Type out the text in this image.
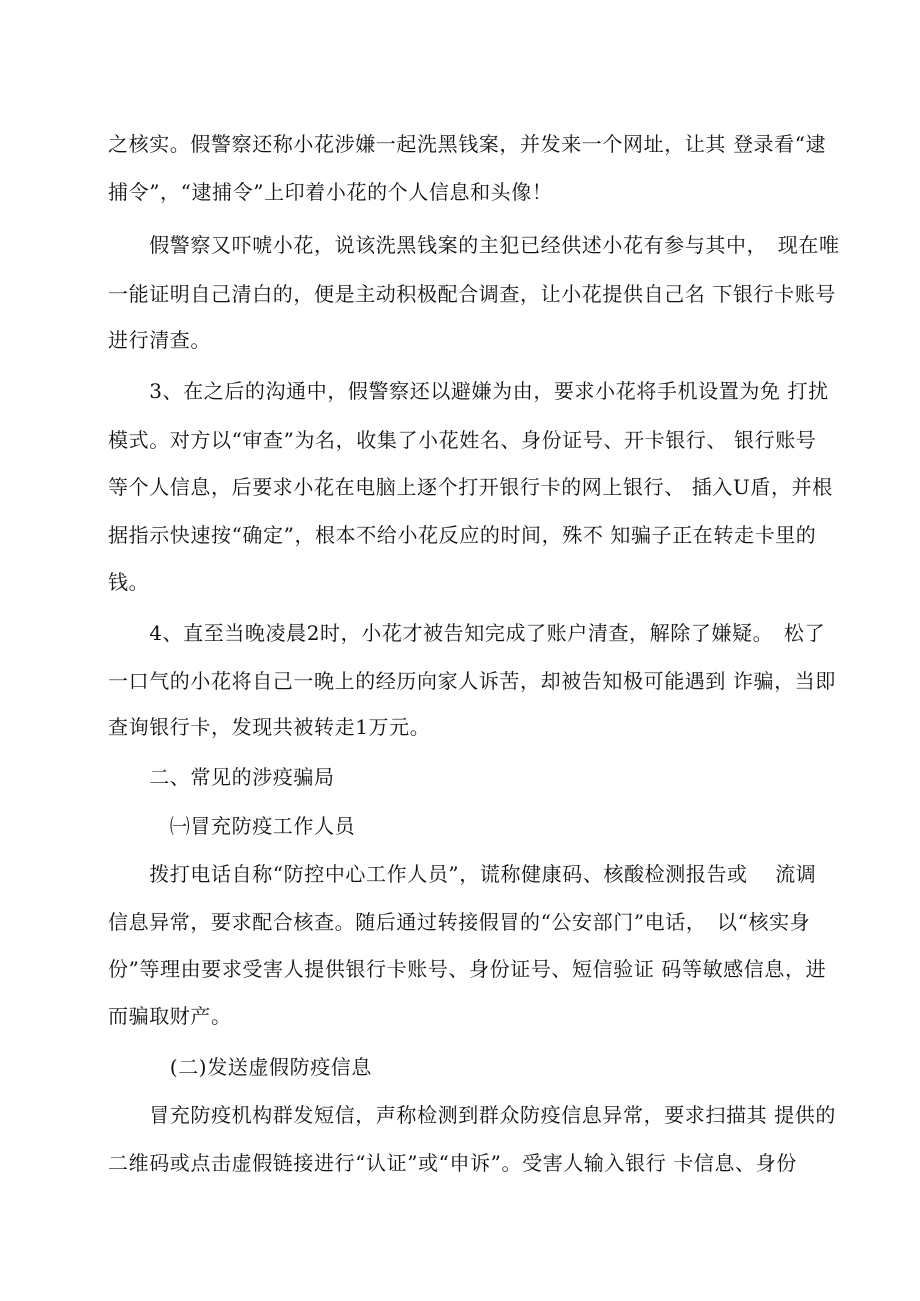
之核实。假警察还称小花涉嫌一起洗黑钱案，并发来一个网址，让其 登录看“逮

捕令”，“逮捕令”上印着小花的个人信息和头像！

　　假警察又吓唬小花，说该洗黑钱案的主犯已经供述小花有参与其中，　现在唯

一能证明自己清白的，便是主动积极配合调查，让小花提供自己名 下银行卡账号

进行清查。

　　3、在之后的沟通中，假警察还以避嫌为由，要求小花将手机设置为免 打扰

模式。对方以“审查”为名，收集了小花姓名、身份证号、开卡银行、 银行账号

等个人信息，后要求小花在电脑上逐个打开银行卡的网上银行、 插入U盾，并根

据指示快速按“确定”，根本不给小花反应的时间，殊不 知骗子正在转走卡里的

钱。

　　4、直至当晚凌晨2时，小花才被告知完成了账户清查，解除了嫌疑。　松了

一口气的小花将自己一晚上的经历向家人诉苦，却被告知极可能遇到 诈骗，当即

查询银行卡，发现共被转走1万元。

　　二、常见的涉疫骗局

　　　㈠冒充防疫工作人员

　　拨打电话自称“防控中心工作人员”，谎称健康码、核酸检测报告或　 流调

信息异常，要求配合核查。随后通过转接假冒的“公安部门”电话，　以“核实身

份”等理由要求受害人提供银行卡账号、身份证号、短信验证 码等敏感信息，进

而骗取财产。

　　　(二)发送虚假防疫信息

　　冒充防疫机构群发短信，声称检测到群众防疫信息异常，要求扫描其 提供的

二维码或点击虚假链接进行“认证”或“申诉”。受害人输入银行 卡信息、身份
